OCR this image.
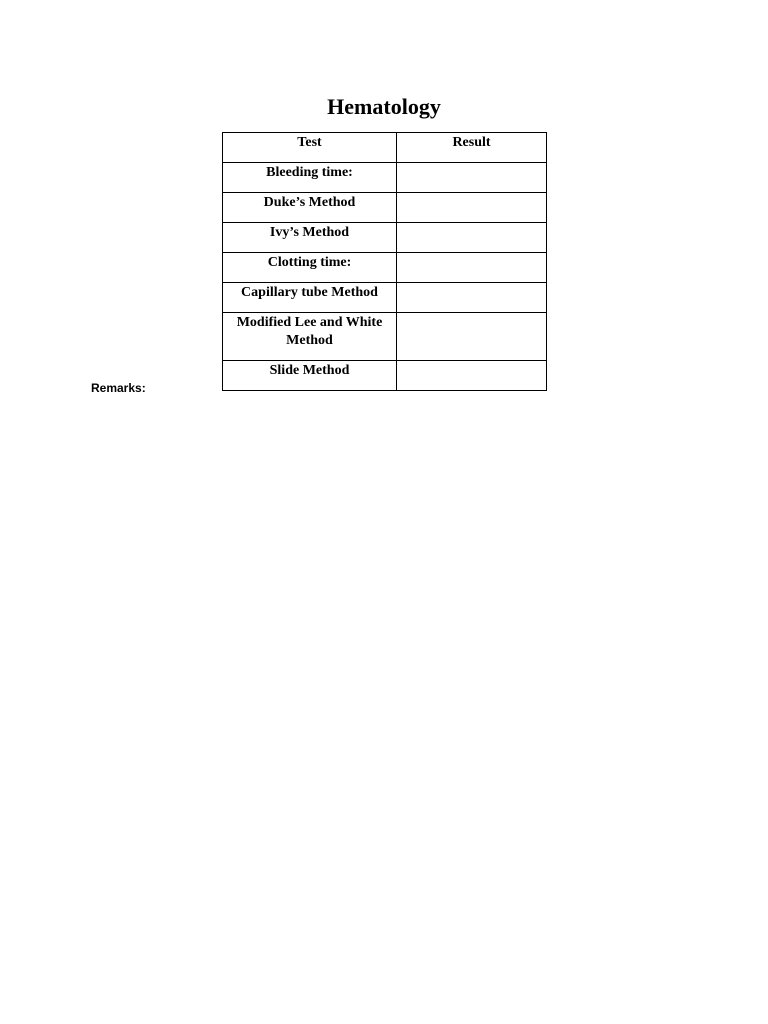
Hematology
Test	Result
Bleeding time:	
Duke’s Method	
Ivy’s Method	
Clotting time:	
Capillary tube Method	
Modified Lee and White Method	
Slide Method	
Remarks:
